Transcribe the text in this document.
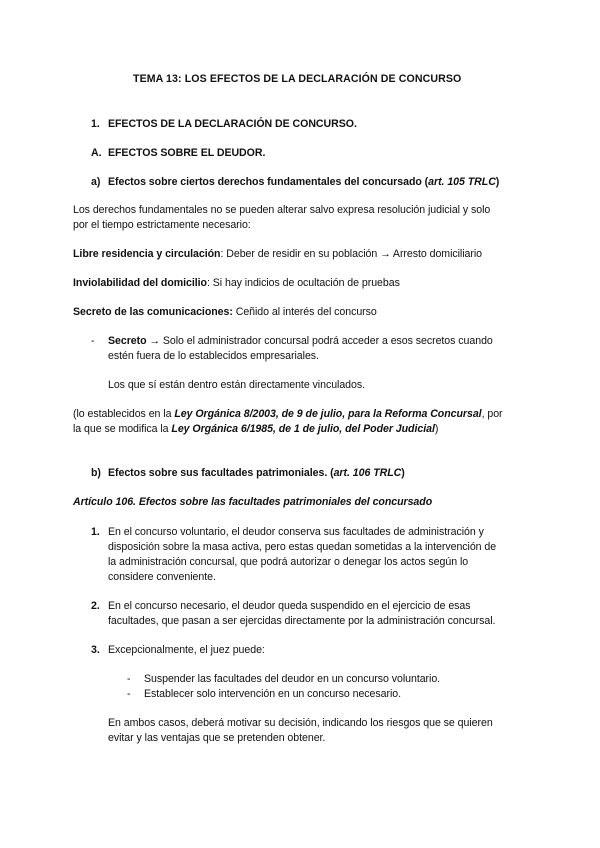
TEMA 13: LOS EFECTOS DE LA DECLARACIÓN DE CONCURSO
1. EFECTOS DE LA DECLARACIÓN DE CONCURSO.
A. EFECTOS SOBRE EL DEUDOR.
a) Efectos sobre ciertos derechos fundamentales del concursado (art. 105 TRLC)
Los derechos fundamentales no se pueden alterar salvo expresa resolución judicial y solo
por el tiempo estrictamente necesario:
Libre residencia y circulación: Deber de residir en su población → Arresto domiciliario
Inviolabilidad del domicilio: Si hay indicios de ocultación de pruebas
Secreto de las comunicaciones: Ceñido al interés del concurso
- Secreto → Solo el administrador concursal podrá acceder a esos secretos cuando
estén fuera de lo establecidos empresariales.
Los que sí están dentro están directamente vinculados.
(lo establecidos en la Ley Orgánica 8/2003, de 9 de julio, para la Reforma Concursal, por
la que se modifica la Ley Orgánica 6/1985, de 1 de julio, del Poder Judicial)
b) Efectos sobre sus facultades patrimoniales. (art. 106 TRLC)
Artículo 106. Efectos sobre las facultades patrimoniales del concursado
1. En el concurso voluntario, el deudor conserva sus facultades de administración y
disposición sobre la masa activa, pero estas quedan sometidas a la intervención de
la administración concursal, que podrá autorizar o denegar los actos según lo
considere conveniente.
2. En el concurso necesario, el deudor queda suspendido en el ejercicio de esas
facultades, que pasan a ser ejercidas directamente por la administración concursal.
3. Excepcionalmente, el juez puede:
- Suspender las facultades del deudor en un concurso voluntario.
- Establecer solo intervención en un concurso necesario.
En ambos casos, deberá motivar su decisión, indicando los riesgos que se quieren
evitar y las ventajas que se pretenden obtener.
